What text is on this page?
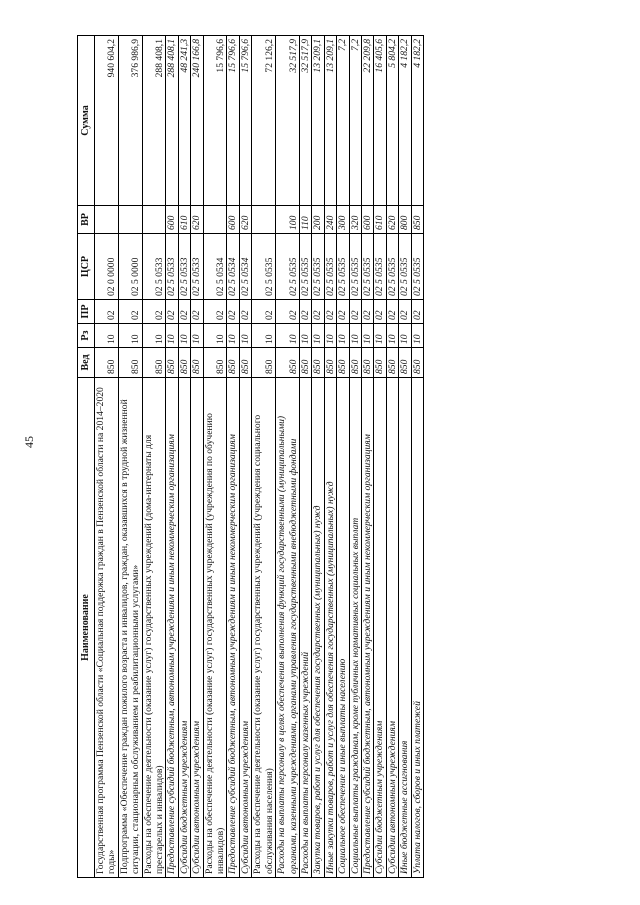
45
Наименование	Вед	Рз	ПР	ЦСР	ВР	Сумма
Государственная программа Пензенской области «Социальная поддержка граждан в Пензенской области на 2014–2020 годы»	850	10	02	02 0 0000		940 604,2
Подпрограмма «Обеспечение граждан пожилого возраста и инвалидов, граждан, оказавшихся в трудной жизненной ситуации, стационарным обслуживанием и реабилитационными услугами»	850	10	02	02 5 0000		376 986,9
Расходы на обеспечение деятельности (оказание услуг) государственных учреждений (дома-интернаты для престарелых и инвалидов)	850	10	02	02 5 0533		288 408,1
Предоставление субсидий бюджетным, автономным учреждениям и иным некоммерческим организациям	850	10	02	02 5 0533	600	288 408,1
Субсидии бюджетным учреждениям	850	10	02	02 5 0533	610	48 241,3
Субсидии автономным учреждениям	850	10	02	02 5 0533	620	240 166,8
Расходы на обеспечение деятельности (оказание услуг) государственных учреждений (учреждения по обучению инвалидов)	850	10	02	02 5 0534		15 796,6
Предоставление субсидий бюджетным, автономным учреждениям и иным некоммерческим организациям	850	10	02	02 5 0534	600	15 796,6
Субсидии автономным учреждениям	850	10	02	02 5 0534	620	15 796,6
Расходы на обеспечение деятельности (оказание услуг) государственных учреждений (учреждения социального обслуживания населения)	850	10	02	02 5 0535		72 126,2
Расходы на выплаты персоналу в целях обеспечения выполнения функций государственными (муниципальными) органами, казенными учреждениями, органами управления государственными внебюджетными фондами	850	10	02	02 5 0535	100	32 517,9
Расходы на выплаты персоналу казенных учреждений	850	10	02	02 5 0535	110	32 517,9
Закупка товаров, работ и услуг для обеспечения государственных (муниципальных) нужд	850	10	02	02 5 0535	200	13 209,1
Иные закупки товаров, работ и услуг для обеспечения государственных (муниципальных) нужд	850	10	02	02 5 0535	240	13 209,1
Социальное обеспечение и иные выплаты населению	850	10	02	02 5 0535	300	7,2
Социальные выплаты гражданам, кроме публичных нормативных социальных выплат	850	10	02	02 5 0535	320	7,2
Предоставление субсидий бюджетным, автономным учреждениям и иным некоммерческим организациям	850	10	02	02 5 0535	600	22 209,8
Субсидии бюджетным учреждениям	850	10	02	02 5 0535	610	16 405,6
Субсидии автономным учреждениям	850	10	02	02 5 0535	620	5 804,2
Иные бюджетные ассигнования	850	10	02	02 5 0535	800	4 182,2
Уплата налогов, сборов и иных платежей	850	10	02	02 5 0535	850	4 182,2
